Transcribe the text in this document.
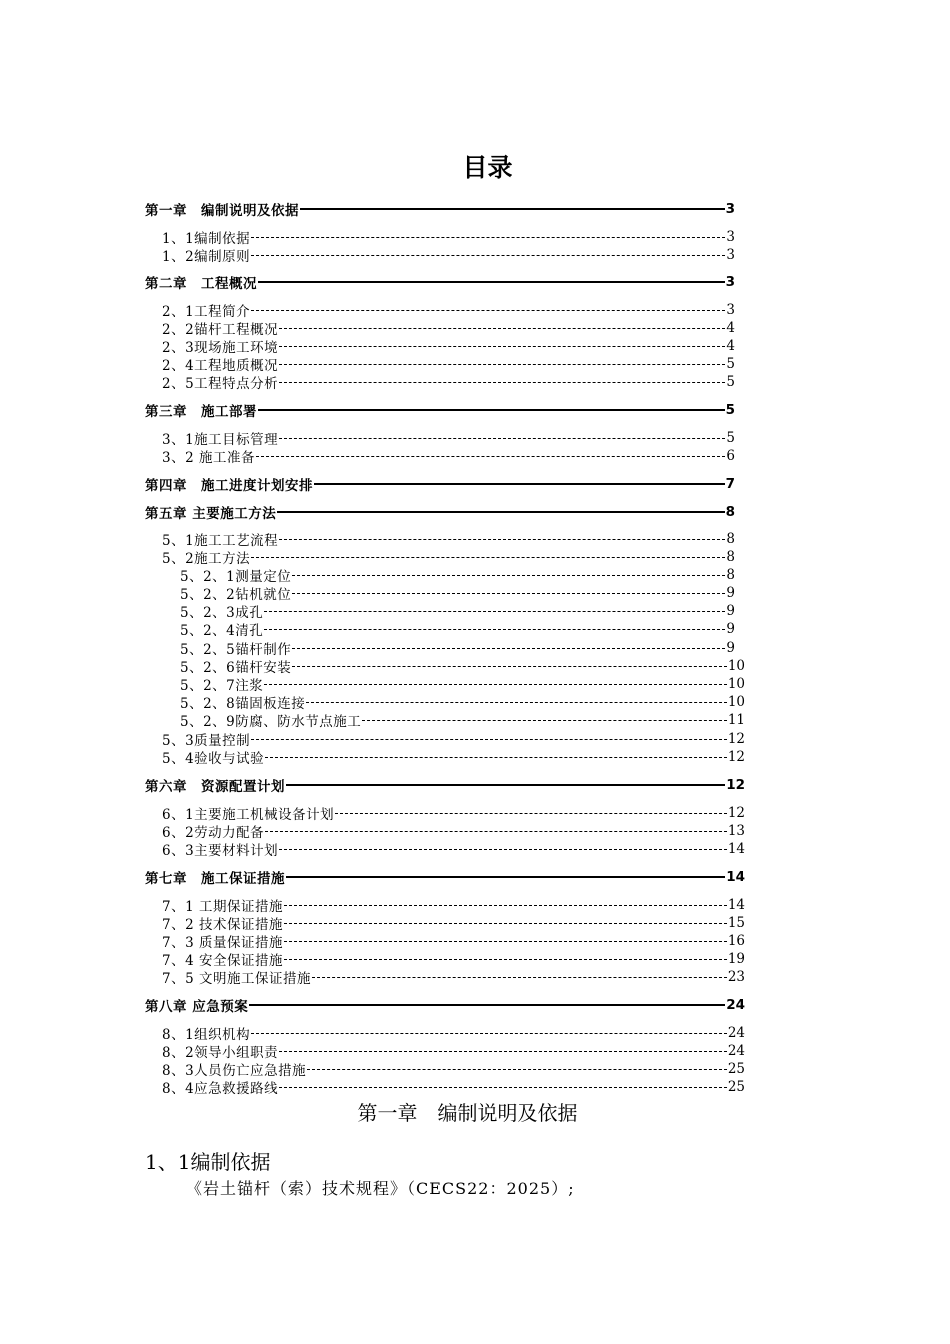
目录
第一章　编制说明及依据	3
1、1编制依据	3
1、2编制原则	3
第二章　工程概况	3
2、1工程简介	3
2、2锚杆工程概况	4
2、3现场施工环境	4
2、4工程地质概况	5
2、5工程特点分析	5
第三章　施工部署	5
3、1施工目标管理	5
3、2 施工准备	6
第四章　施工进度计划安排	7
第五章 主要施工方法	8
5、1施工工艺流程	8
5、2施工方法	8
5、2、1测量定位	8
5、2、2钻机就位	9
5、2、3成孔	9
5、2、4清孔	9
5、2、5锚杆制作	9
5、2、6锚杆安装	10
5、2、7注浆	10
5、2、8锚固板连接	10
5、2、9防腐、防水节点施工	11
5、3质量控制	12
5、4验收与试验	12
第六章　资源配置计划	12
6、1主要施工机械设备计划	12
6、2劳动力配备	13
6、3主要材料计划	14
第七章　施工保证措施	14
7、1 工期保证措施	14
7、2 技术保证措施	15
7、3 质量保证措施	16
7、4 安全保证措施	19
7、5 文明施工保证措施	23
第八章 应急预案	24
8、1组织机构	24
8、2领导小组职责	24
8、3人员伤亡应急措施	25
8、4应急救援路线	25
第一章　编制说明及依据
1、1编制依据

《岩土锚杆（索）技术规程》（CECS22：2025）;
